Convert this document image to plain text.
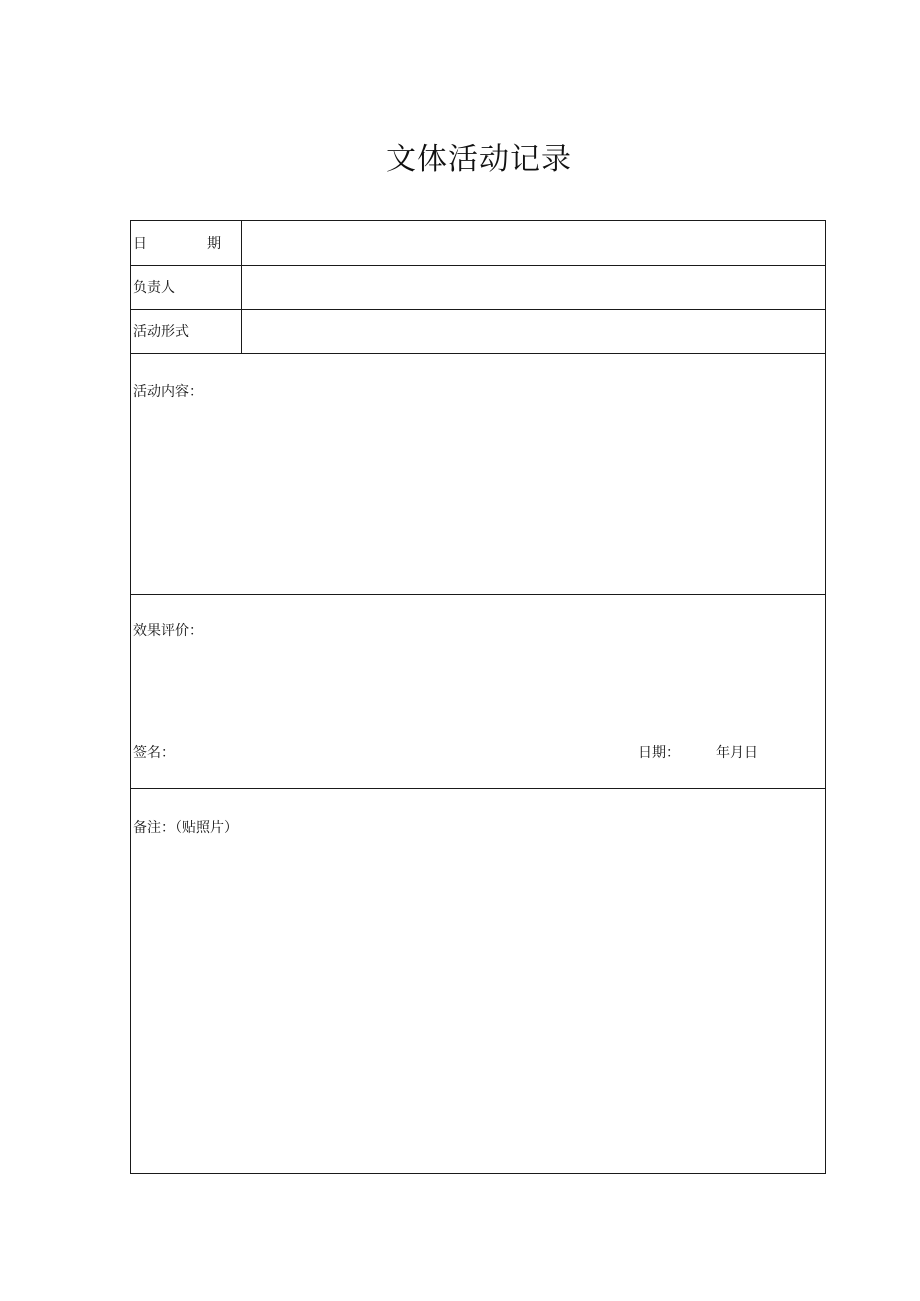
文体活动记录
日	期
负责人
活动形式
活动内容：
效果评价：
签名：	日期：	年月日
备注：（贴照片）
